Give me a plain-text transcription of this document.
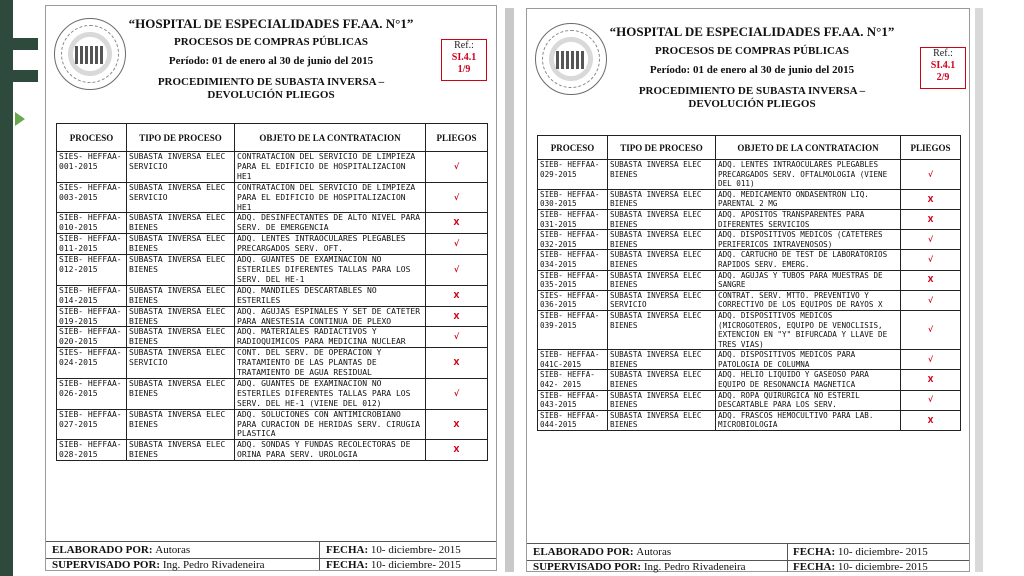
“HOSPITAL DE ESPECIALIDADES FF.AA. N°1”
PROCESOS DE COMPRAS PÚBLICAS
Período: 01 de enero al 30 de junio del 2015
PROCEDIMIENTO DE SUBASTA INVERSA –
DEVOLUCIÓN PLIEGOS
Ref.:
SI.4.1
1/9
PROCESO	TIPO DE PROCESO	OBJETO DE LA CONTRATACION	PLIEGOS
SIES- HEFFAA- 001-2015	SUBASTA INVERSA ELEC SERVICIO	CONTRATACION DEL SERVICIO DE LIMPIEZA PARA EL EDIFICIO DE HOSPITALIZACION HE1	√
SIES- HEFFAA- 003-2015	SUBASTA INVERSA ELEC SERVICIO	CONTRATACION DEL SERVICIO DE LIMPIEZA PARA EL EDIFICIO DE HOSPITALIZACION HE1	√
SIEB- HEFFAA- 010-2015	SUBASTA INVERSA ELEC BIENES	ADQ. DESINFECTANTES DE ALTO NIVEL PARA SERV. DE EMERGENCIA	X
SIEB- HEFFAA- 011-2015	SUBASTA INVERSA ELEC BIENES	ADQ. LENTES INTRAOCULARES PLEGABLES PRECARGADOS SERV. OFT.	√
SIEB- HEFFAA- 012-2015	SUBASTA INVERSA ELEC BIENES	ADQ. GUANTES DE EXAMINACION NO ESTERILES DIFERENTES TALLAS PARA LOS SERV. DEL HE-1	√
SIEB- HEFFAA- 014-2015	SUBASTA INVERSA ELEC BIENES	ADQ. MANDILES DESCARTABLES NO ESTERILES	X
SIEB- HEFFAA- 019-2015	SUBASTA INVERSA ELEC BIENES	ADQ. AGUJAS ESPINALES Y SET DE CATETER PARA ANESTESIA CONTINUA DE PLEXO	X
SIEB- HEFFAA- 020-2015	SUBASTA INVERSA ELEC BIENES	ADQ. MATERIALES RADIACTIVOS Y RADIOQUIMICOS PARA MEDICINA NUCLEAR	√
SIES- HEFFAA- 024-2015	SUBASTA INVERSA ELEC SERVICIO	CONT. DEL SERV. DE OPERACION Y TRATAMIENTO DE LAS PLANTAS DE TRATAMIENTO DE AGUA RESIDUAL	X
SIEB- HEFFAA- 026-2015	SUBASTA INVERSA ELEC BIENES	ADQ. GUANTES DE EXAMINACION NO ESTERILES DIFERENTES TALLAS PARA LOS SERV. DEL HE-1 (VIENE DEL 012)	√
SIEB- HEFFAA- 027-2015	SUBASTA INVERSA ELEC BIENES	ADQ. SOLUCIONES CON ANTIMICROBIANO PARA CURACION DE HERIDAS SERV. CIRUGIA PLASTICA	X
SIEB- HEFFAA- 028-2015	SUBASTA INVERSA ELEC BIENES	ADQ. SONDAS Y FUNDAS RECOLECTORAS DE ORINA PARA SERV. UROLOGIA	X
ELABORADO POR: Autoras	FECHA: 10- diciembre- 2015
SUPERVISADO POR: Ing. Pedro Rivadeneira	FECHA: 10- diciembre- 2015
“HOSPITAL DE ESPECIALIDADES FF.AA. N°1”
PROCESOS DE COMPRAS PÚBLICAS
Período: 01 de enero al 30 de junio del 2015
PROCEDIMIENTO DE SUBASTA INVERSA –
DEVOLUCIÓN PLIEGOS
Ref.:
SI.4.1
2/9
PROCESO	TIPO DE PROCESO	OBJETO DE LA CONTRATACION	PLIEGOS
SIEB- HEFFAA- 029-2015	SUBASTA INVERSA ELEC BIENES	ADQ. LENTES INTRAOCULARES PLEGABLES PRECARGADOS SERV. OFTALMOLOGIA (VIENE DEL 011)	√
SIEB- HEFFAA- 030-2015	SUBASTA INVERSA ELEC BIENES	ADQ. MEDICAMENTO ONDASENTRON LIQ. PARENTAL 2 MG	X
SIEB- HEFFAA- 031-2015	SUBASTA INVERSA ELEC BIENES	ADQ. APOSITOS TRANSPARENTES PARA DIFERENTES SERVICIOS	X
SIEB- HEFFAA- 032-2015	SUBASTA INVERSA ELEC BIENES	ADQ. DISPOSITIVOS MEDICOS (CATETERES PERIFERICOS INTRAVENOSOS)	√
SIEB- HEFFAA- 034-2015	SUBASTA INVERSA ELEC BIENES	ADQ. CARTUCHO DE TEST DE LABORATORIOS RAPIDOS SERV. EMERG.	√
SIEB- HEFFAA- 035-2015	SUBASTA INVERSA ELEC BIENES	ADQ. AGUJAS Y TUBOS PARA MUESTRAS DE SANGRE	X
SIES- HEFFAA- 036-2015	SUBASTA INVERSA ELEC SERVICIO	CONTRAT. SERV. MTTO. PREVENTIVO Y CORRECTIVO DE LOS EQUIPOS DE RAYOS X	√
SIEB- HEFFAA- 039-2015	SUBASTA INVERSA ELEC BIENES	ADQ. DISPOSITIVOS MEDICOS (MICROGOTEROS, EQUIPO DE VENOCLISIS, EXTENCION EN "Y" BIFURCADA Y LLAVE DE TRES VIAS)	√
SIEB- HEFFAA- 041C-2015	SUBASTA INVERSA ELEC BIENES	ADQ. DISPOSITIVOS MEDICOS PARA PATOLOGIA DE COLUMNA	√
SIEB- HEFFA-042- 2015	SUBASTA INVERSA ELEC BIENES	ADQ. HELIO LIQUIDO Y GASEOSO PARA EQUIPO DE RESONANCIA MAGNETICA	X
SIEB- HEFFAA- 043-2015	SUBASTA INVERSA ELEC BIENES	ADQ. ROPA QUIRURGICA NO ESTERIL DESCARTABLE PARA LOS SERV.	√
SIEB- HEFFAA- 044-2015	SUBASTA INVERSA ELEC BIENES	ADQ. FRASCOS HEMOCULTIVO PARA LAB. MICROBIOLOGIA	X
ELABORADO POR: Autoras	FECHA: 10- diciembre- 2015
SUPERVISADO POR: Ing. Pedro Rivadeneira	FECHA: 10- diciembre- 2015
